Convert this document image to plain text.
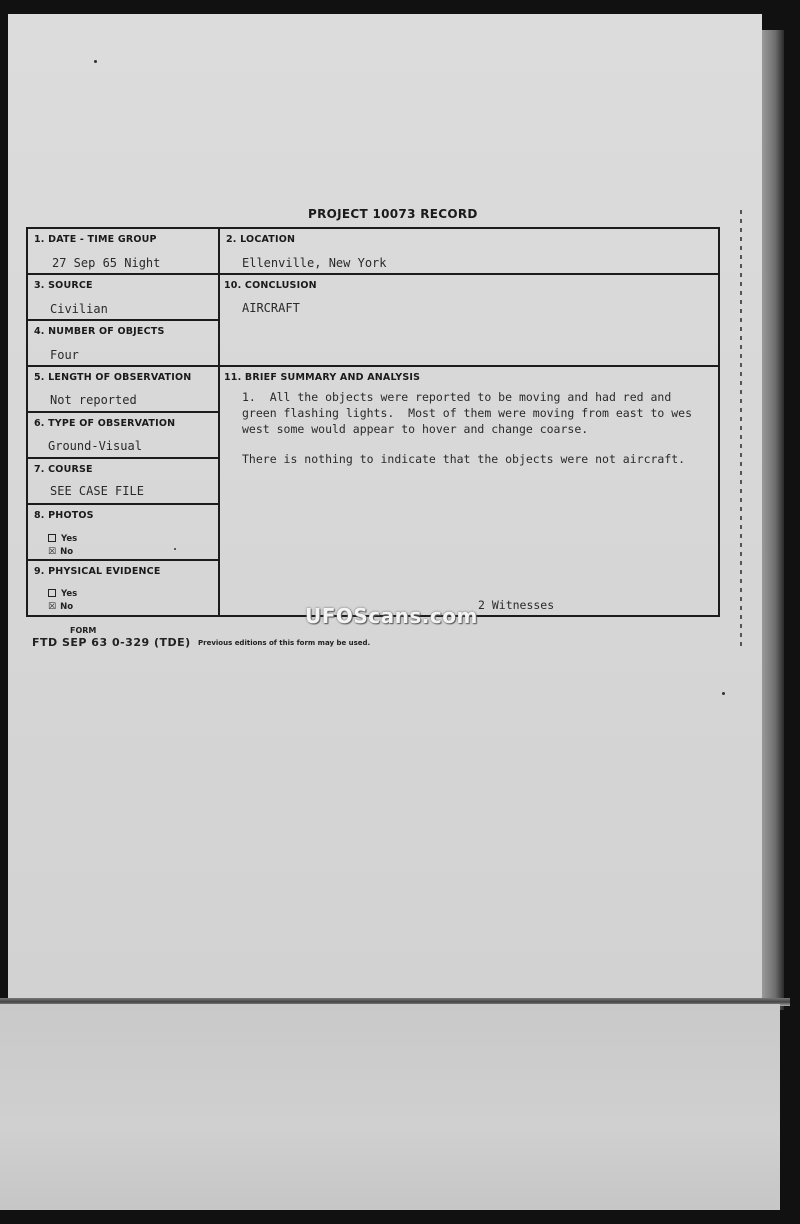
PROJECT 10073 RECORD
1. DATE - TIME GROUP
27 Sep 65 Night
2. LOCATION
Ellenville, New York
3. SOURCE
Civilian
10. CONCLUSION
AIRCRAFT
4. NUMBER OF OBJECTS
Four
5. LENGTH OF OBSERVATION
Not reported
11. BRIEF SUMMARY AND ANALYSIS
6. TYPE OF OBSERVATION
Ground-Visual
7. COURSE
SEE CASE FILE
8. PHOTOS
Yes
☒ No
9. PHYSICAL EVIDENCE
Yes
☒ No

1.  All the objects were reported to be moving and had red and

green flashing lights.  Most of them were moving from east to wes

west some would appear to hover and change coarse.

There is nothing to indicate that the objects were not aircraft.

2 Witnesses
UFOScans.com
FORM
FTD SEP 63 0-329 (TDE) Previous editions of this form may be used.
